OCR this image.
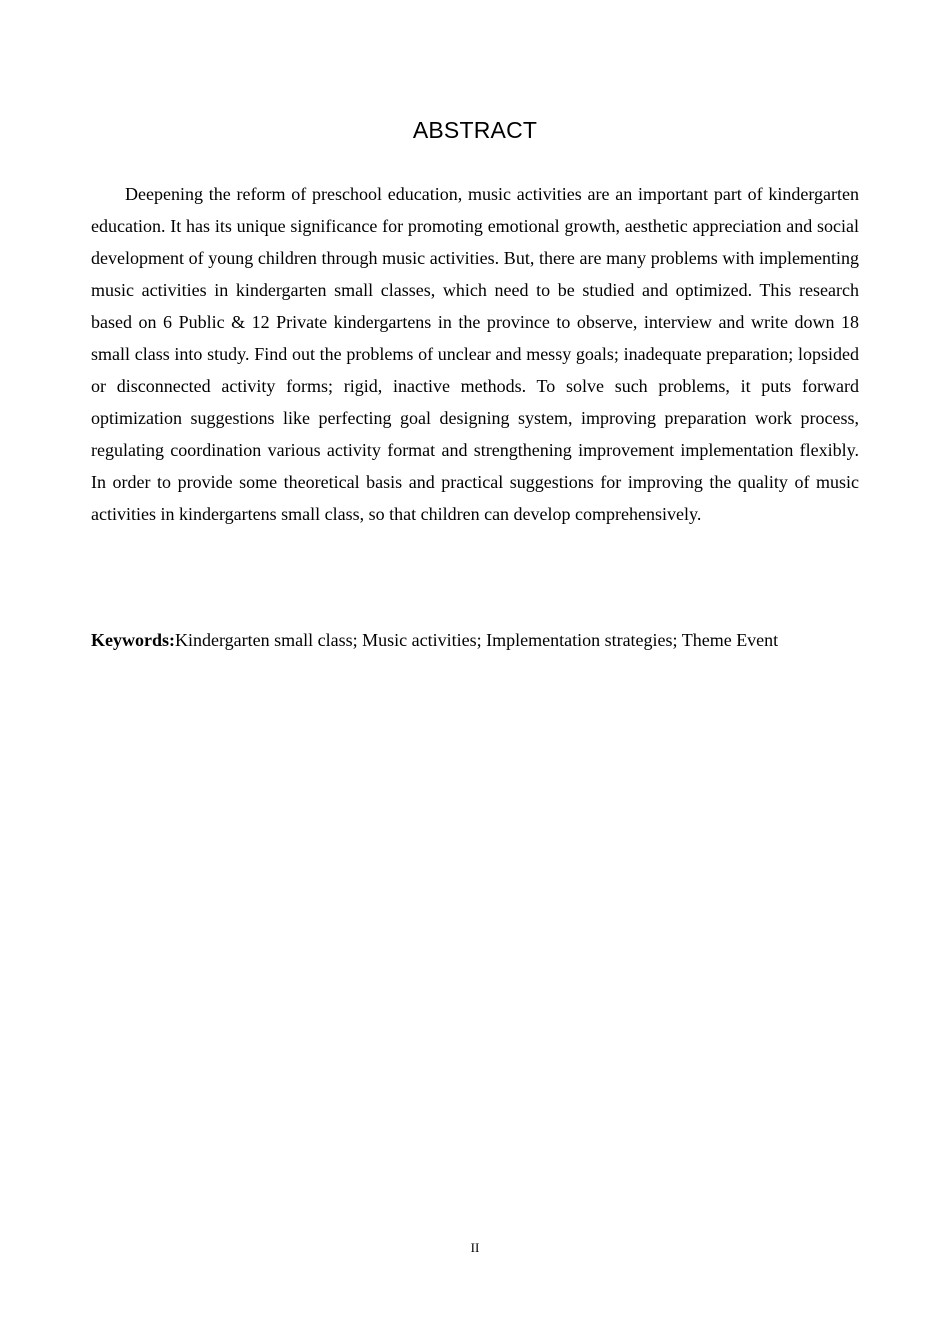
ABSTRACT

Deepening the reform of preschool education, music activities are an important part of kindergarten education. It has its unique significance for promoting emotional growth, aesthetic appreciation and social development of young children through music activities. But, there are many problems with implementing music activities in kindergarten small classes, which need to be studied and optimized. This research based on 6 Public & 12 Private kindergartens in the province to observe, interview and write down 18 small class into study. Find out the problems of unclear and messy goals; inadequate preparation; lopsided or disconnected activity forms; rigid, inactive methods. To solve such problems, it puts forward optimization suggestions like perfecting goal designing system, improving preparation work process, regulating coordination various activity format and strengthening improvement implementation flexibly. In order to provide some theoretical basis and practical suggestions for improving the quality of music activities in kindergartens small class, so that children can develop comprehensively.

Keywords:Kindergarten small class; Music activities; Implementation strategies; Theme Event

II
